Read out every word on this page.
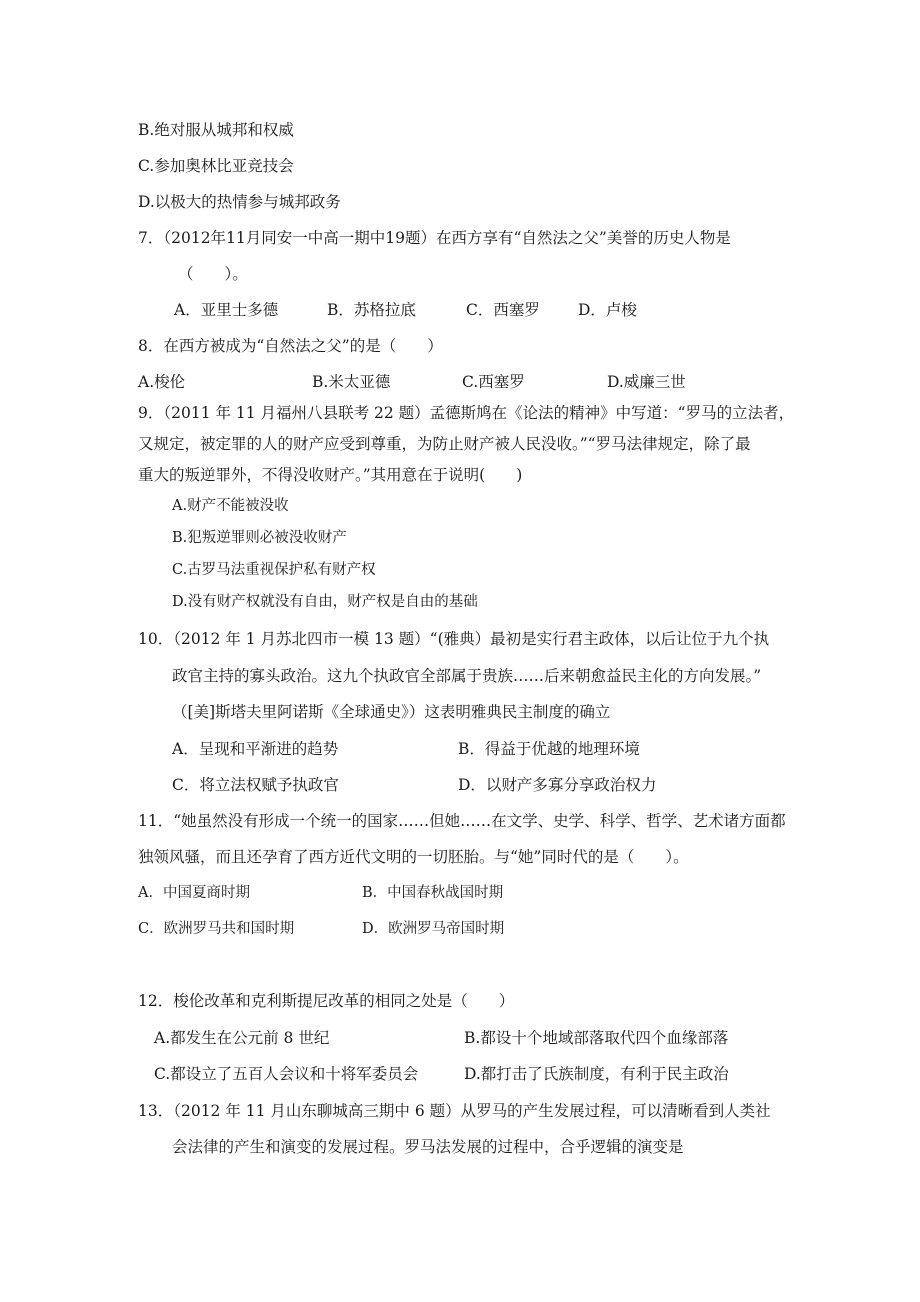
B.绝对服从城邦和权威
C.参加奥林比亚竞技会
D.以极大的热情参与城邦政务
7．（2012年11月同安一中高一期中19题）在西方享有“自然法之父”美誉的历史人物是
（　　）。
A．亚里士多德	B．苏格拉底	C．西塞罗 D．卢梭
8．在西方被成为“自然法之父”的是（　　）
A.梭伦	B.米太亚德	C.西塞罗	D.威廉三世
9．（2011 年 11 月福州八县联考 22 题）孟德斯鸠在《论法的精神》中写道：“罗马的立法者，
又规定，被定罪的人的财产应受到尊重，为防止财产被人民没收。”“罗马法律规定，除了最
重大的叛逆罪外，不得没收财产。”其用意在于说明(　　)
A.财产不能被没收
B.犯叛逆罪则必被没收财产
C.古罗马法重视保护私有财产权
D.没有财产权就没有自由，财产权是自由的基础
10．（2012 年 1 月苏北四市一模 13 题）“(雅典）最初是实行君主政体，以后让位于九个执
政官主持的寡头政治。这九个执政官全部属于贵族……后来朝愈益民主化的方向发展。”
（[美]斯塔夫里阿诺斯《全球通史》）这表明雅典民主制度的确立
A．呈现和平渐进的趋势	B．得益于优越的地理环境
C．将立法权赋予执政官	D．以财产多寡分享政治权力
11．“她虽然没有形成一个统一的国家……但她……在文学、史学、科学、哲学、艺术诸方面都
独领风骚，而且还孕育了西方近代文明的一切胚胎。与“她”同时代的是（　　）。
A．中国夏商时期	B．中国春秋战国时期
C．欧洲罗马共和国时期	D．欧洲罗马帝国时期
12．梭伦改革和克利斯提尼改革的相同之处是（　　）
A.都发生在公元前 8 世纪	B.都设十个地域部落取代四个血缘部落
C.都设立了五百人会议和十将军委员会	D.都打击了氏族制度，有利于民主政治
13．（2012 年 11 月山东聊城高三期中 6 题）从罗马的产生发展过程，可以清晰看到人类社
会法律的产生和演变的发展过程。罗马法发展的过程中，合乎逻辑的演变是
